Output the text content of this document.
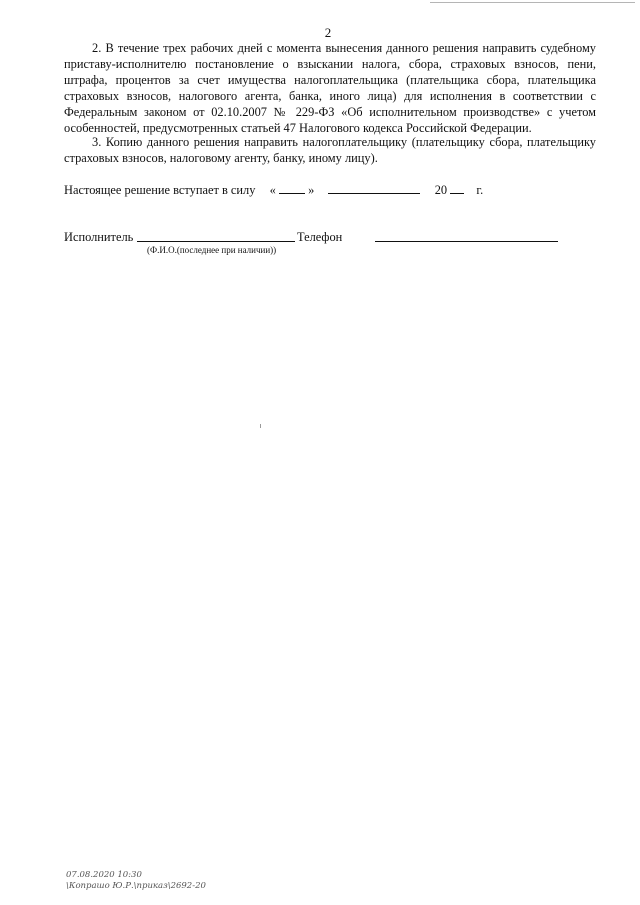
2

2. В течение трех рабочих дней с момента вынесения данного решения направить судебному приставу-исполнителю постановление о взыскании налога, сбора, страховых взносов, пени, штрафа, процентов за счет имущества налогоплательщика (плательщика сбора, плательщика страховых взносов, налогового агента, банка, иного лица) для исполнения в соответствии с Федеральным законом от 02.10.2007 № 229-ФЗ «Об исполнительном производстве» с учетом особенностей, предусмотренных статьей 47 Налогового кодекса Российской Федерации.

3. Копию данного решения направить налогоплательщику (плательщику сбора, плательщику страховых взносов, налоговому агенту, банку, иному лицу).

Настоящее решение вступает в силу «	»	20 г.
Исполнитель
(Ф.И.О.(последнее при наличии))
Телефон
07.08.2020 10:30
\Копрашо Ю.Р.\приказ\2692-20
